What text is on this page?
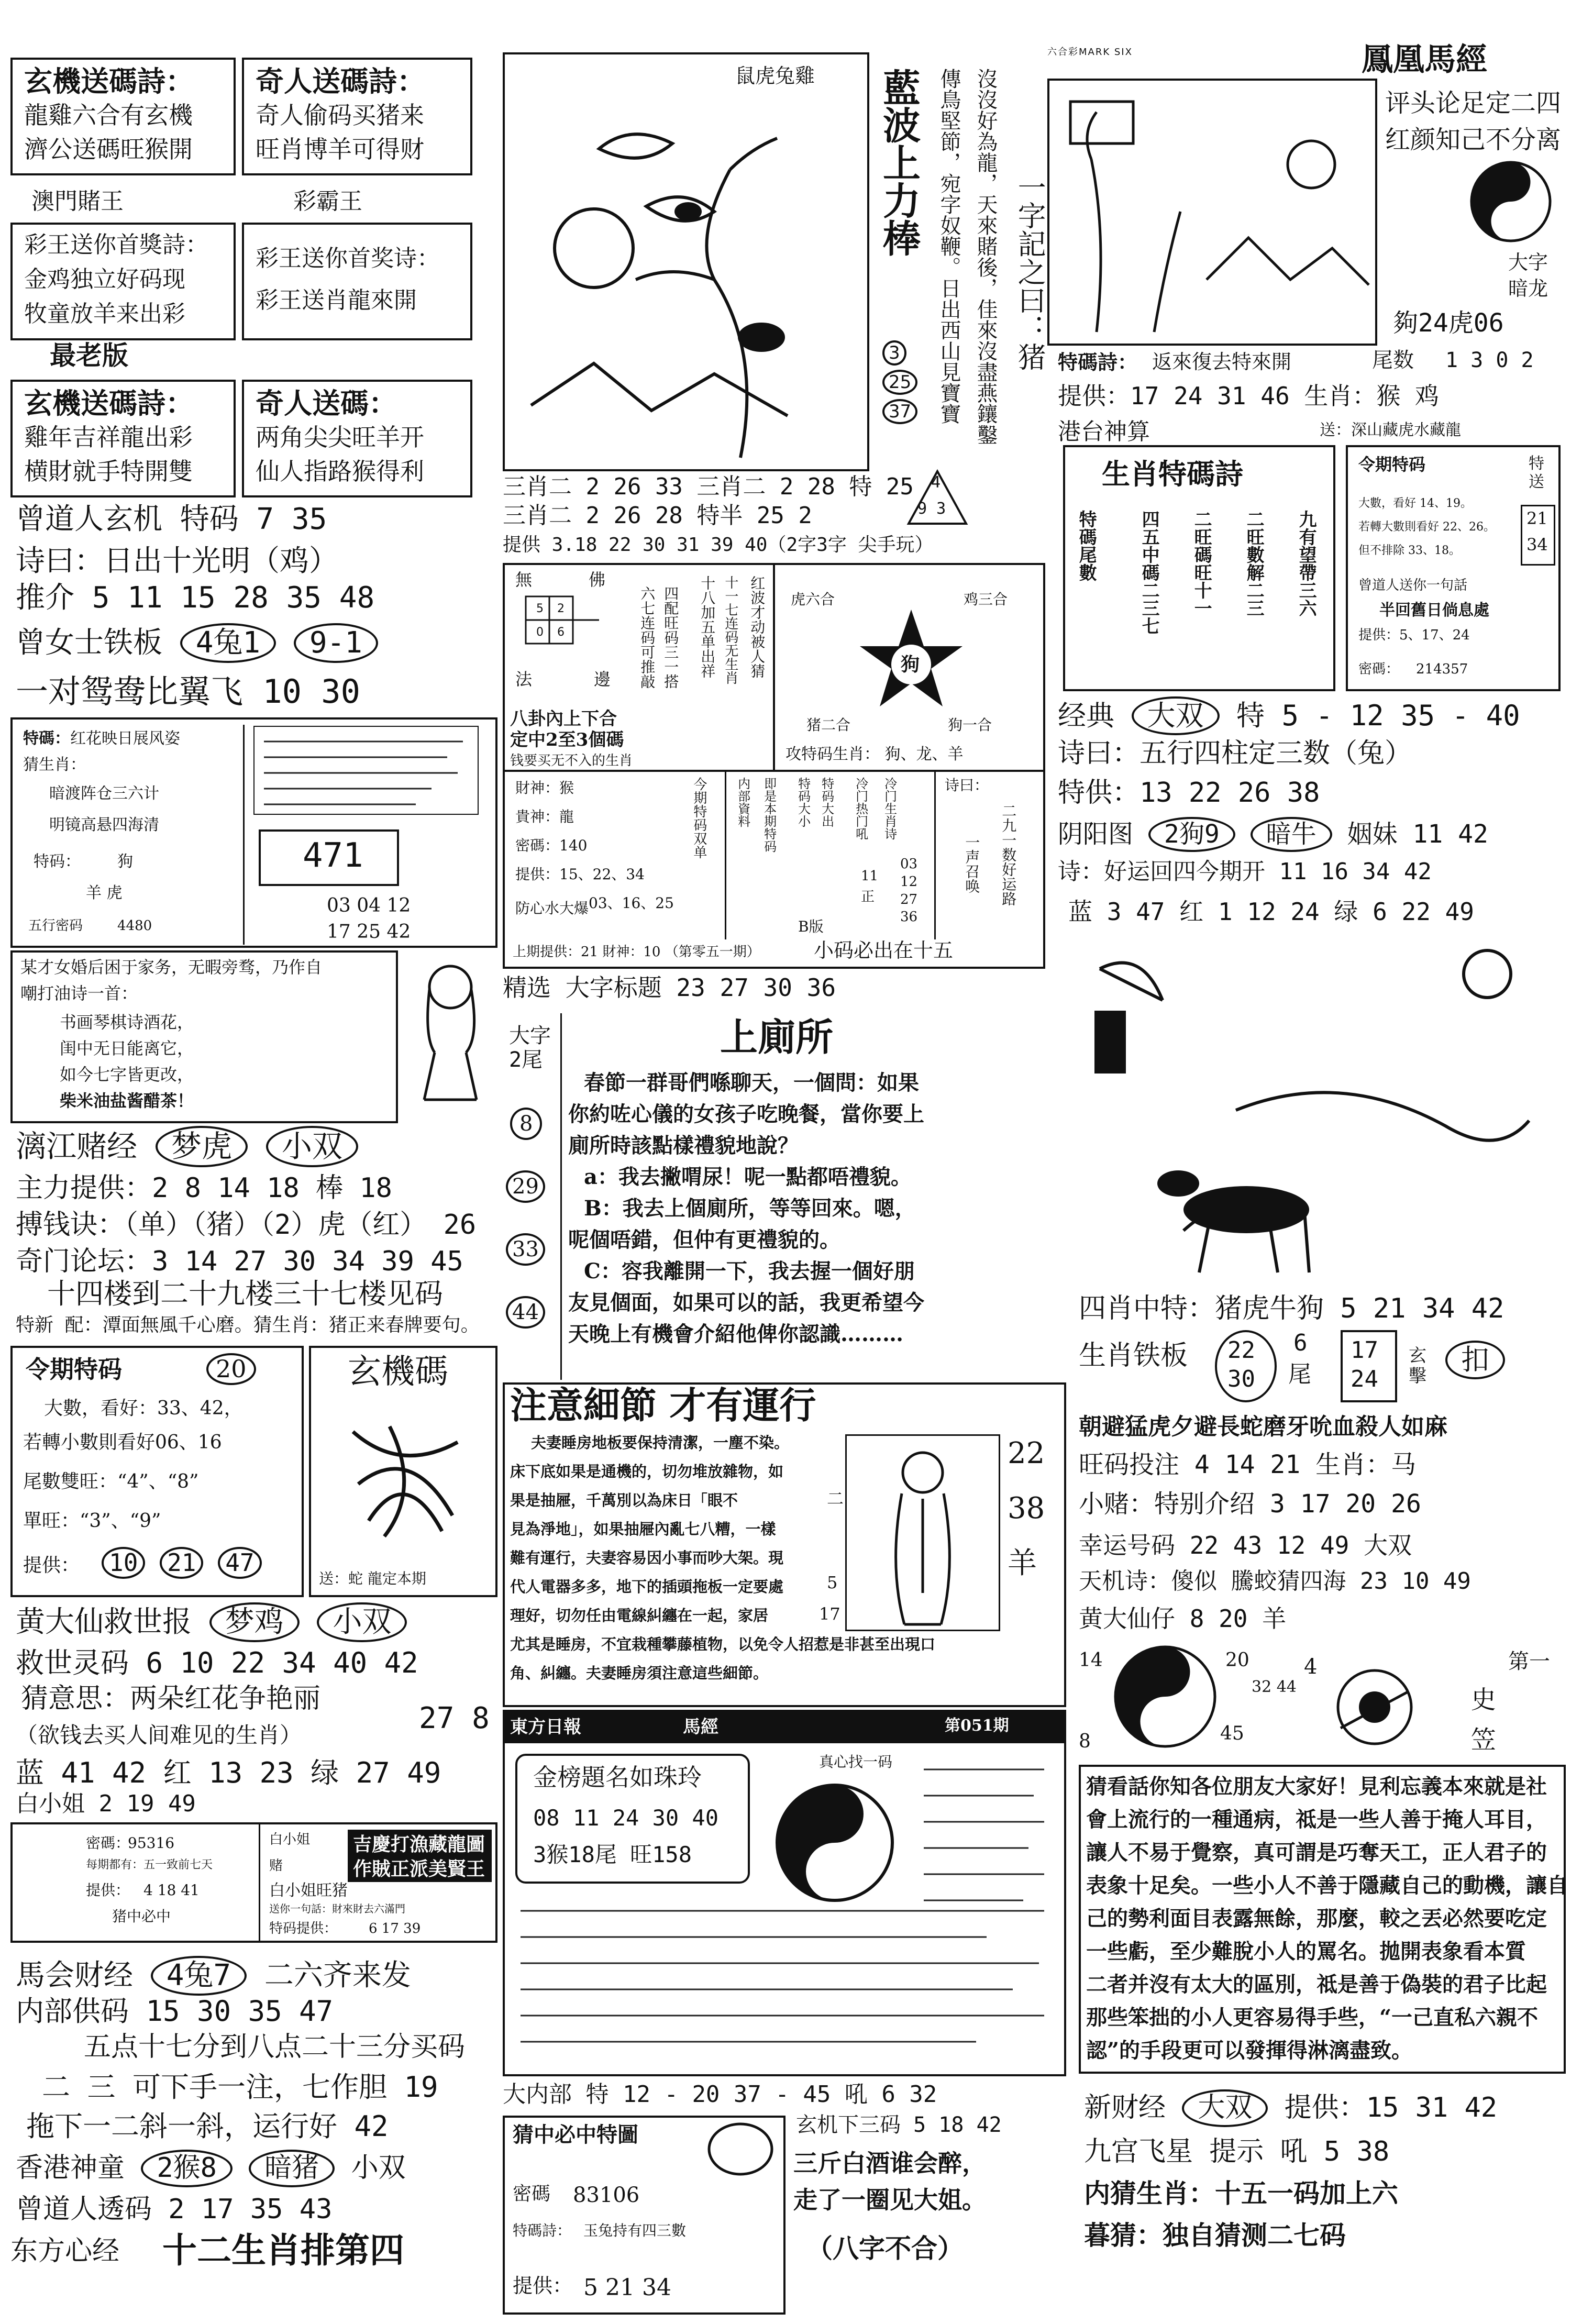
玄機送碼詩：
龍雞六合有玄機
濟公送碼旺猴開
奇人送碼詩：
奇人偷码买猪来
旺肖博羊可得财
澳門賭王	彩霸王
彩王送你首獎詩：
金鸡独立好码现
牧童放羊来出彩
彩王送你首奖诗：
彩王送肖龍來開
最老版
玄機送碼詩：
雞年吉祥龍出彩
横財就手特開雙
奇人送碼：
两角尖尖旺羊开
仙人指路猴得利
曾道人玄机 特码 7 35
诗曰：日出十光明（鸡）
推介 5 11 15 28 35 48
曾女士铁板 4兔1 9-1
一对鸳鸯比翼飞 10 30
特碼： 红花映日展风姿
猜生肖：
暗渡阵仓三六计
明镜高悬四海清
特码： 狗
羊 虎
五行密码	4480
471
03 04 12
17 25 42
某才女婚后困于家务，无暇旁骛，乃作自
嘲打油诗一首：
书画琴棋诗酒花，
闺中无日能离它，
如今七字皆更改，
柴米油盐酱醋茶！
漓江赌经 梦虎 小双
主力提供：2 8 14 18 棒 18
搏钱诀：（单）（猪）（2）虎（红） 26
奇门论坛：3 14 27 30 34 39 45
十四楼到二十九楼三十七楼见码
特新 配：潭面無風千心磨。猜生肖：猪正来春牌要句。
令期特码	20
大數，看好：33、42，
若轉小數則看好06、16
尾數雙旺：“4”、“8”
單旺：“3”、“9”
提供：	10 21 47
玄機碼
送：蛇 龍定本期
黄大仙救世报 梦鸡 小双
救世灵码 6 10 22 34 40 42
猜意思：两朵红花争艳丽
（欲钱去买人间难见的生肖）	27 8
蓝 41 42 红 13 23 绿 27 49
白小姐 2 19 49
密碼：
95316
每期都有：五一致前七天
提供： 4 18 41
猪中必中
白小姐
赌
白小姐旺猪
送你一句話：財來財去六滿門
特码提供： 6 17 39
吉慶打漁藏龍圖
作賊正派美賢王
馬会财经 4兔7 二六齐来发
内部供码 15 30 35 47
五点十七分到八点二十三分买码
二 三 可下手一注，七作胆 19
拖下一二斜一斜，运行好 42
香港神童 2猴8 暗猪 小双
曾道人透码 2 17 35 43
东方心经 十二生肖排第四
鼠虎兔雞 藍波上力棒
3
25
37	傳鳥堅節，宛字奴鞭。日出西山見寶寶 沒沒好為龍，天來賭後，佳來沒盡燕鑲鑿 一字記之曰：猪
三肖二 2 26 33 三肖二 2 28 特 25
三肖二 2 26 28 特半 25 2
4
9 3
提供 3.18 22 30 31 39 40（2字3字 尖手玩）
無	佛
5 2
0 6
法	邊 六七连码可推敲 四配旺码三一搭 十八加五单出祥 十一七连码无生肖 红波才动被人猜
八卦內上下合
定中2至3個碼
钱要买无不入的生肖
虎六合	鸡三合
狗
猪二合	狗一合
攻特码生肖： 狗、龙、羊
財神：猴
貴神：龍
密碼：140
提供：15、22、34
防心水大爆 03、16、25
今期特码双单 内部資料 即是本期特码 特码大小 特码大出 冷门热门吼 冷门生肖诗
03
12
27
36
11
正
诗曰：
二九一数好运路
一声召唤
B版
上期提供：21 財神：10 （第零五一期）	小码必出在十五
精选 大字标题 23 27 30 36
大字2尾
8
29
33
44
上廁所
春節一群哥們喺聊天，一個問：如果
你約咗心儀的女孩子吃晚餐，當你要上
廁所時該點樣禮貌地說？
a：我去撇喟尿！呢一點都唔禮貌。
B：我去上個廁所，等等回來。嗯，
呢個唔錯，但仲有更禮貌的。
C：容我離開一下，我去握一個好朋
友見個面，如果可以的話，我更希望今
天晚上有機會介紹他俾你認識………
注意細節 才有運行
夫妻睡房地板要保持清潔，一塵不染。
床下底如果是通機的，切勿堆放雜物，如
果是抽屜，千萬別以為床日「眼不
見為淨地」，如果抽屜內亂七八糟，一樣
難有運行，夫妻容易因小事而吵大架。現
代人電器多多，地下的插頭拖板一定要處
理好，切勿任由電線糾纏在一起，家居
尤其是睡房，不宜栽種攀藤植物，以免令人招惹是非甚至出現口
角、糾纏。夫妻睡房須注意這些細節。
22
38
羊
二
5
17
東方日報	馬經	第051期
金榜題名如珠玲
08 11 24 30 40
3猴18尾 旺158
真心找一码
大内部 特 12 - 20 37 - 45 吼 6 32
玄机下三码 5 18 42
猜中必中特圖
密碼 83106
特碼詩： 玉兔持有四三數
提供： 5 21 34
三斤白酒谁会醉，
走了一圈见大姐。
（八字不合）
六合彩MARK SIX	鳳凰馬經
评头论足定二四
红颜知己不分离
大字
暗龙
夠24虎06
特碼詩： 返來復去特來開	尾数 1 3 0 2
提供：17 24 31 46 生肖：猴 鸡
港台神算	送：深山藏虎水藏龍
生肖特碼詩
特碼尾數 四五中碼二三七 二旺碼旺十一 二旺數解二三 九有望帶三六
令期特码	特送
21
34
大數，看好 14、19。
若轉大數則看好 22、26。
但不排除 33、18。
曾道人送你一句話
半回舊日倘息處
提供：5、17、24
密碼： 214357
经典 大双 特 5 - 12 35 - 40
诗曰：五行四柱定三数（兔）
特供：13 22 26 38
阴阳图 2狗9 暗牛 姻妹 11 42
诗：好运回四今期开 11 16 34 42
蓝 3 47 红 1 12 24 绿 6 22 49
四肖中特：猪虎牛狗 5 21 34 42
生肖铁板 22
30
6
尾
17
24
玄擊
扣
朝避猛虎夕避長蛇磨牙吮血殺人如麻
旺码投注 4 14 21 生肖：马
小赌：特别介绍 3 17 20 26
幸运号码 22 43 12 49 大双
天机诗：傻似 騰蛟猜四海 23 10 49
黄大仙仔 8 20 羊
14	20
32 44
8
4
45
第一
史 笠
猜看話你知各位朋友大家好！見利忘義本來就是社
會上流行的一種通病，祗是一些人善于掩人耳目，
讓人不易于覺察，真可謂是巧奪天工，正人君子的
表象十足矣。一些小人不善于隱藏自己的動機，讓自
己的勢利面目表露無餘，那麼，較之丟必然要吃定
一些虧，至少難脫小人的罵名。拋開表象看本質
二者并沒有太大的區別，祗是善于偽裝的君子比起
那些笨拙的小人更容易得手些，“一己直私六親不
認”的手段更可以發揮得淋漓盡致。
新财经 大双 提供：15 31 42
九宫飞星 提示 吼 5 38
内猜生肖：十五一码加上六
暮猜：独自猜测二七码
